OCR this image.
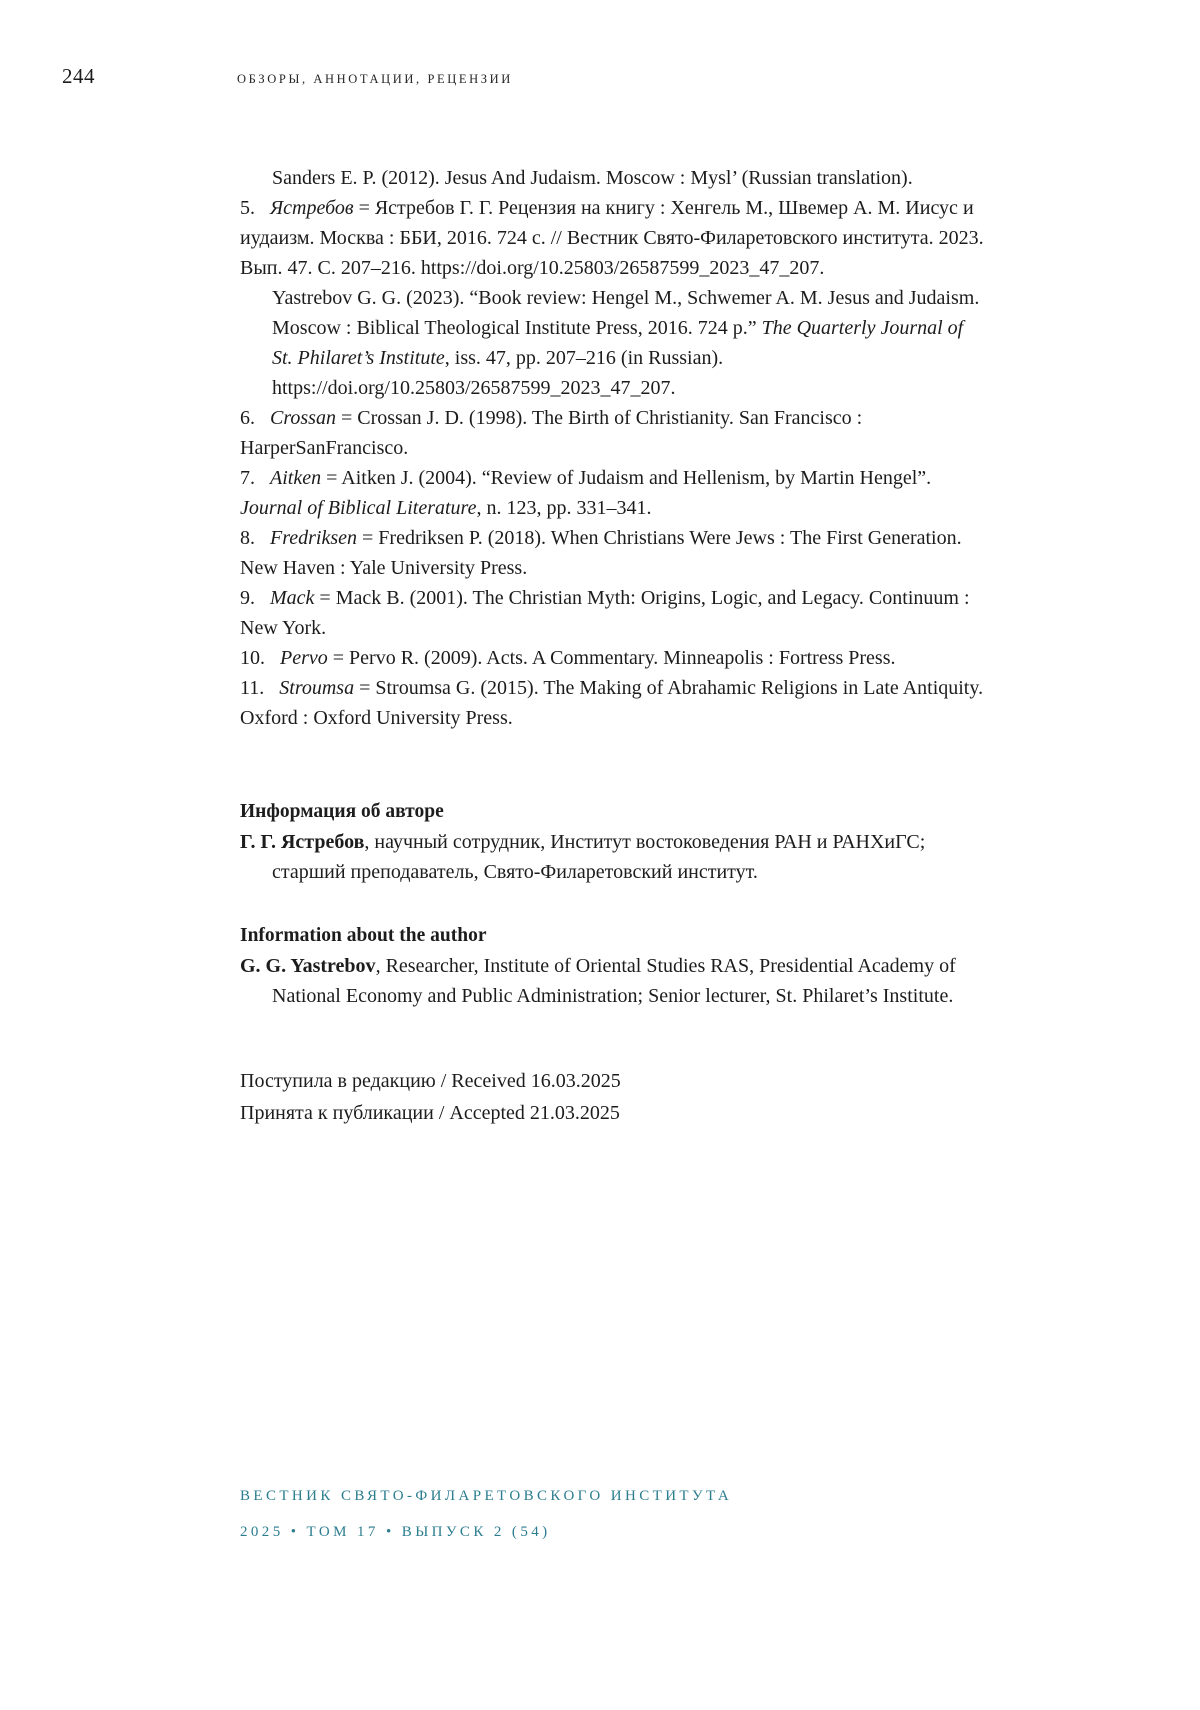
244	ОБЗОРЫ, АННОТАЦИИ, РЕЦЕНЗИИ

Sanders E. P. (2012). Jesus And Judaism. Moscow : Mysl’ (Russian translation).

5. Ястребов = Ястребов Г. Г. Рецензия на книгу : Хенгель М., Швемер А. М. Иисус и иудаизм. Москва : ББИ, 2016. 724 с. // Вестник Свято-Филаретовского института. 2023. Вып. 47. С. 207–216. https://doi.org/10.25803/26587599_2023_47_207.

Yastrebov G. G. (2023). “Book review: Hengel M., Schwemer A. M. Jesus and Judaism. Moscow : Biblical Theological Institute Press, 2016. 724 p.” The Quarterly Journal of St. Philaret’s Institute, iss. 47, pp. 207–216 (in Russian). https://doi.org/10.25803/26587599_2023_47_207.

6. Crossan = Crossan J. D. (1998). The Birth of Christianity. San Francisco : HarperSanFrancisco.

7. Aitken = Aitken J. (2004). “Review of Judaism and Hellenism, by Martin Hengel”. Journal of Biblical Literature, n. 123, pp. 331–341.

8. Fredriksen = Fredriksen P. (2018). When Christians Were Jews : The First Generation. New Haven : Yale University Press.

9. Mack = Mack B. (2001). The Christian Myth: Origins, Logic, and Legacy. Continuum : New York.

10. Pervo = Pervo R. (2009). Acts. A Commentary. Minneapolis : Fortress Press.

11. Stroumsa = Stroumsa G. (2015). The Making of Abrahamic Religions in Late Antiquity. Oxford : Oxford University Press.

Информация об авторе

Г. Г. Ястребов, научный сотрудник, Институт востоковедения РАН и РАНХиГС; старший преподаватель, Свято-Филаретовский институт.

Information about the author

G. G. Yastrebov, Researcher, Institute of Oriental Studies RAS, Presidential Academy of National Economy and Public Administration; Senior lecturer, St. Philaret’s Institute.

Поступила в редакцию / Received 16.03.2025

Принята к публикации / Accepted 21.03.2025

ВЕСТНИК СВЯТО-ФИЛАРЕТОВСКОГО ИНСТИТУТА
2025 • ТОМ 17 • ВЫПУСК 2 (54)
